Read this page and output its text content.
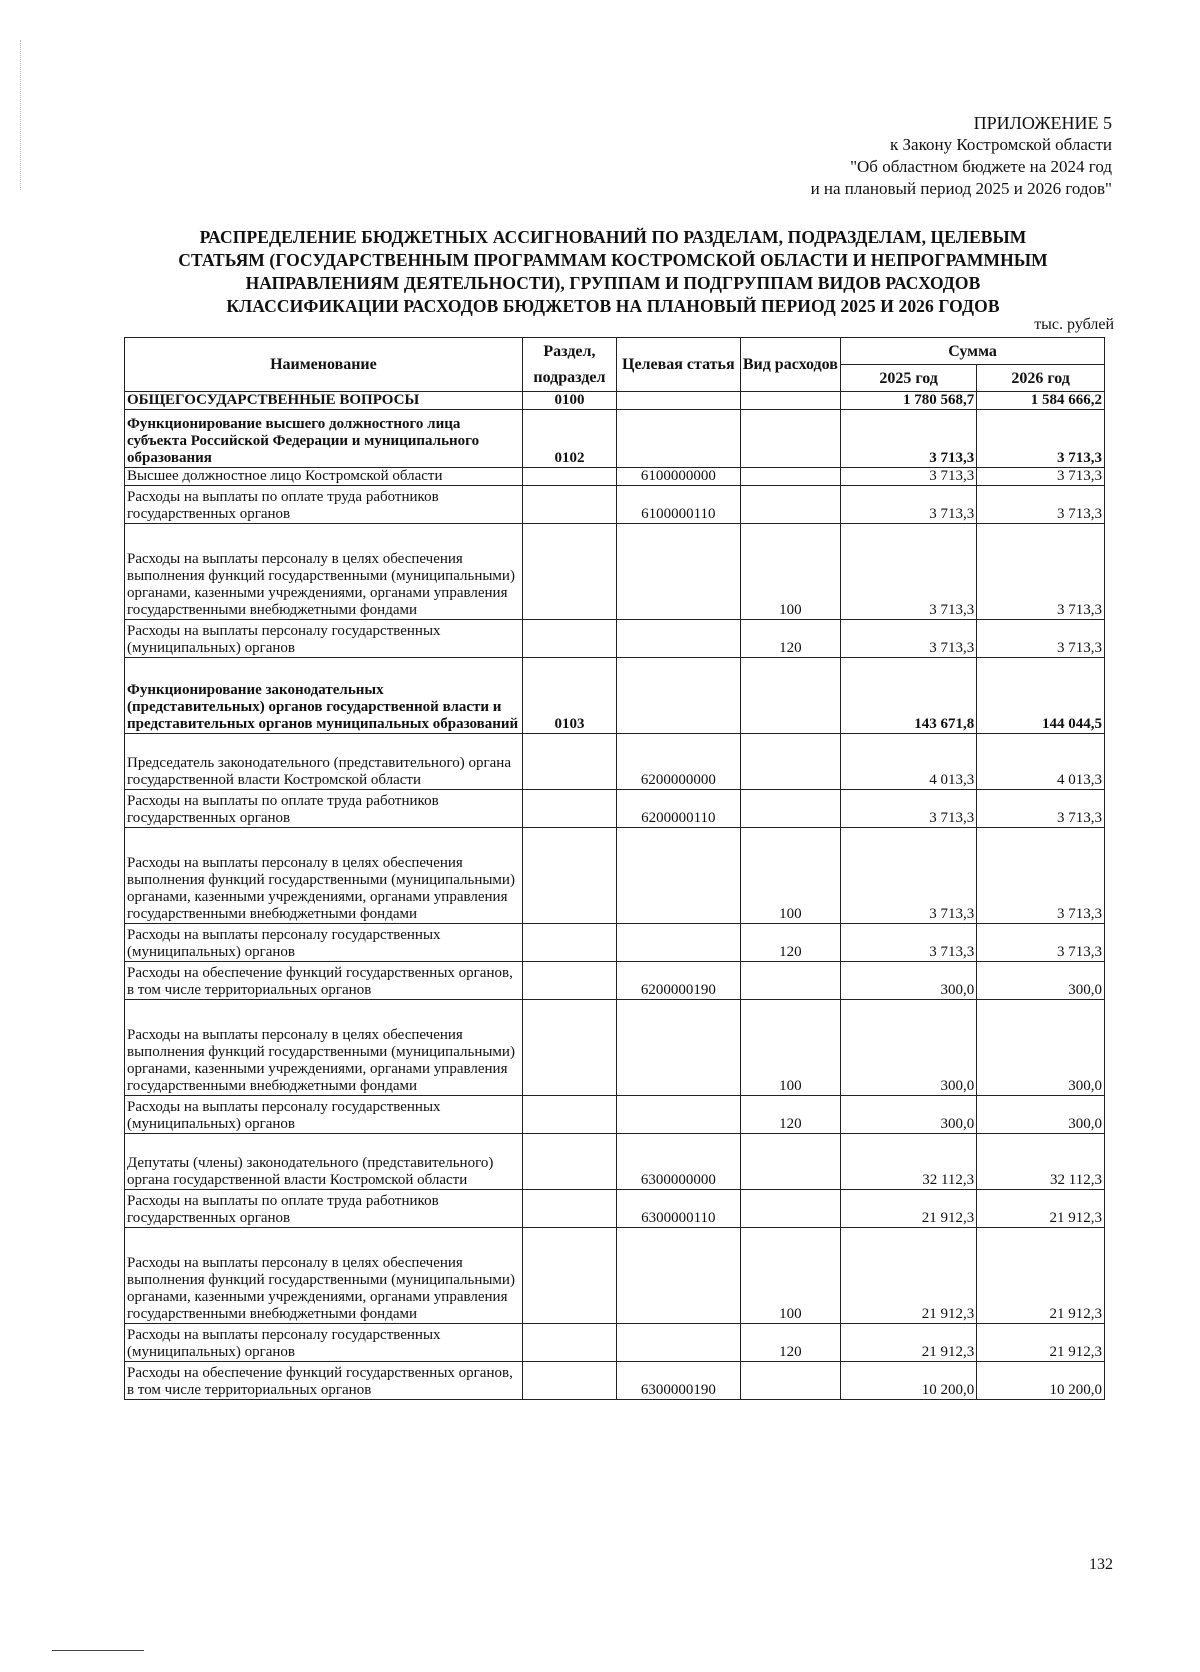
ПРИЛОЖЕНИЕ 5
к Закону Костромской области
"Об областном бюджете на 2024 год
и на плановый период 2025 и 2026 годов"
РАСПРЕДЕЛЕНИЕ БЮДЖЕТНЫХ АССИГНОВАНИЙ ПО РАЗДЕЛАМ, ПОДРАЗДЕЛАМ, ЦЕЛЕВЫМ
СТАТЬЯМ (ГОСУДАРСТВЕННЫМ ПРОГРАММАМ КОСТРОМСКОЙ ОБЛАСТИ И НЕПРОГРАММНЫМ
НАПРАВЛЕНИЯМ ДЕЯТЕЛЬНОСТИ), ГРУППАМ И ПОДГРУППАМ ВИДОВ РАСХОДОВ
КЛАССИФИКАЦИИ РАСХОДОВ БЮДЖЕТОВ НА ПЛАНОВЫЙ ПЕРИОД 2025 И 2026 ГОДОВ
тыс. рублей
Наименование	Раздел, подраздел	Целевая статья	Вид расходов	Сумма	
				2025 год	2026 год
ОБЩЕГОСУДАРСТВЕННЫЕ ВОПРОСЫ	0100			1 780 568,7	1 584 666,2
Функционирование высшего должностного лица субъекта Российской Федерации и муниципального образования	0102			3 713,3	3 713,3
Высшее должностное лицо Костромской области		6100000000		3 713,3	3 713,3
Расходы на выплаты по оплате труда работников государственных органов		6100000110		3 713,3	3 713,3
Расходы на выплаты персоналу в целях обеспечения выполнения функций государственными (муниципальными) органами, казенными учреждениями, органами управления государственными внебюджетными фондами			100	3 713,3	3 713,3
Расходы на выплаты персоналу государственных (муниципальных) органов			120	3 713,3	3 713,3
Функционирование законодательных (представительных) органов государственной власти и представительных органов муниципальных образований	0103			143 671,8	144 044,5
Председатель законодательного (представительного) органа государственной власти Костромской области		6200000000		4 013,3	4 013,3
Расходы на выплаты по оплате труда работников государственных органов		6200000110		3 713,3	3 713,3
Расходы на выплаты персоналу в целях обеспечения выполнения функций государственными (муниципальными) органами, казенными учреждениями, органами управления государственными внебюджетными фондами			100	3 713,3	3 713,3
Расходы на выплаты персоналу государственных (муниципальных) органов			120	3 713,3	3 713,3
Расходы на обеспечение функций государственных органов, в том числе территориальных органов		6200000190		300,0	300,0
Расходы на выплаты персоналу в целях обеспечения выполнения функций государственными (муниципальными) органами, казенными учреждениями, органами управления государственными внебюджетными фондами			100	300,0	300,0
Расходы на выплаты персоналу государственных (муниципальных) органов			120	300,0	300,0
Депутаты (члены) законодательного (представительного) органа государственной власти Костромской области		6300000000		32 112,3	32 112,3
Расходы на выплаты по оплате труда работников государственных органов		6300000110		21 912,3	21 912,3
Расходы на выплаты персоналу в целях обеспечения выполнения функций государственными (муниципальными) органами, казенными учреждениями, органами управления государственными внебюджетными фондами			100	21 912,3	21 912,3
Расходы на выплаты персоналу государственных (муниципальных) органов			120	21 912,3	21 912,3
Расходы на обеспечение функций государственных органов, в том числе территориальных органов		6300000190		10 200,0	10 200,0
132
